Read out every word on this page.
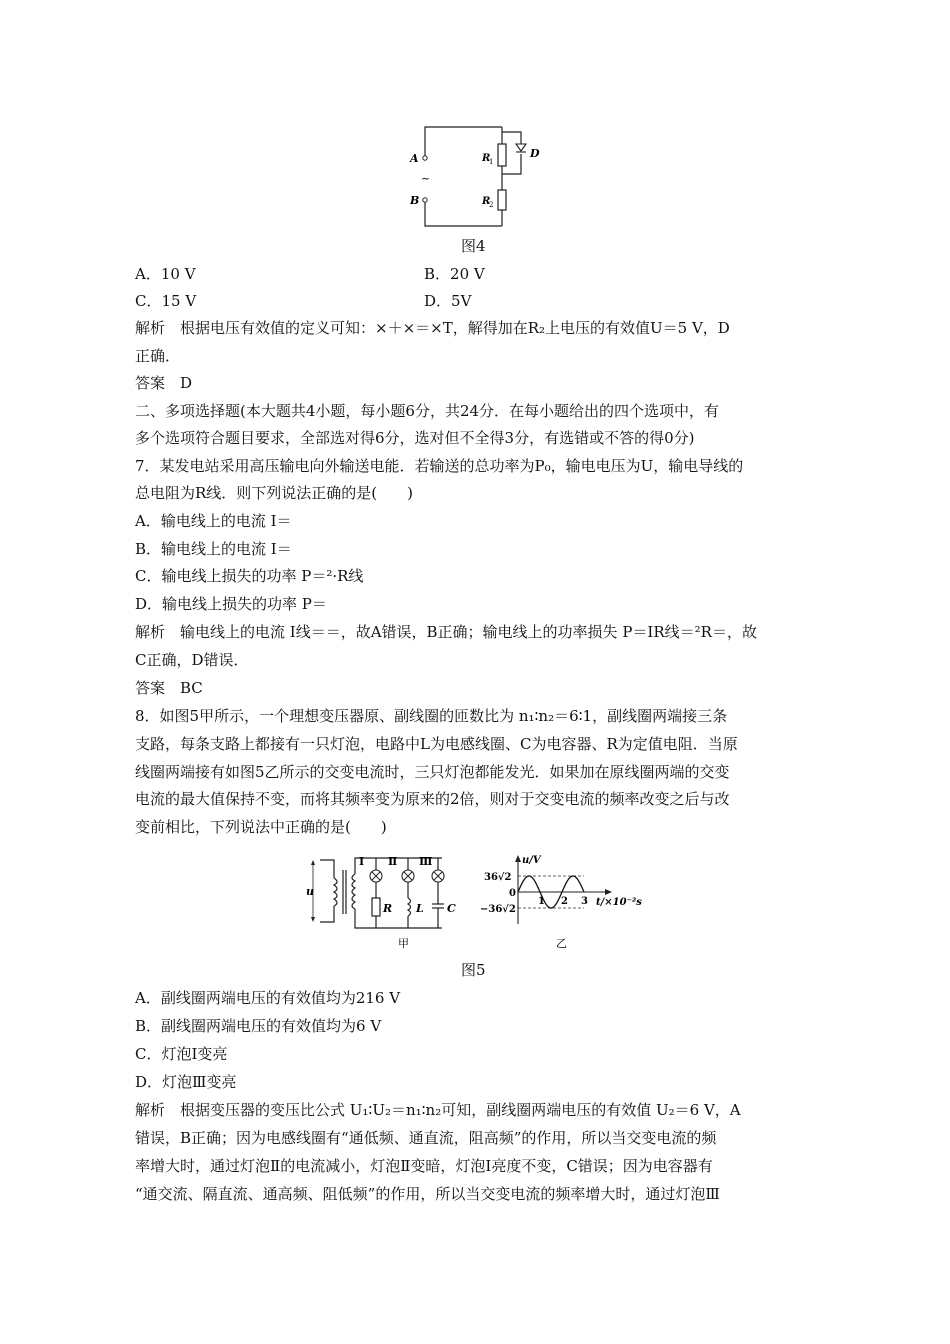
A
~
B
R
1
R
2
D
图4
A．10 V	B．20 V
C．15 V	D．5V
解析　根据电压有效值的定义可知：×＋×＝×T，解得加在R₂上电压的有效值U＝5 V，D
正确．
答案　D
二、多项选择题(本大题共4小题，每小题6分，共24分．在每小题给出的四个选项中，有
多个选项符合题目要求，全部选对得6分，选对但不全得3分，有选错或不答的得0分)
7．某发电站采用高压输电向外输送电能．若输送的总功率为P₀，输电电压为U，输电导线的
总电阻为R线．则下列说法正确的是(　　)
A．输电线上的电流 I＝
B．输电线上的电流 I＝
C．输电线上损失的功率 P＝²·R线
D．输电线上损失的功率 P＝
解析　输电线上的电流 I线＝＝，故A错误，B正确；输电线上的功率损失 P＝IR线＝²R＝，故
C正确，D错误．
答案　BC
8．如图5甲所示，一个理想变压器原、副线圈的匝数比为 n₁∶n₂＝6∶1，副线圈两端接三条
支路，每条支路上都接有一只灯泡，电路中L为电感线圈、C为电容器、R为定值电阻．当原
线圈两端接有如图5乙所示的交变电流时，三只灯泡都能发光．如果加在原线圈两端的交变
电流的最大值保持不变，而将其频率变为原来的2倍，则对于交变电流的频率改变之后与改
变前相比，下列说法中正确的是(　　)
u
Ⅰ Ⅱ Ⅲ
R L C
甲
u/V
36√2
0
−36√2
1 2 3 t/×10⁻²s
乙
图5
A．副线圈两端电压的有效值均为216 V
B．副线圈两端电压的有效值均为6 V
C．灯泡Ⅰ变亮
D．灯泡Ⅲ变亮
解析　根据变压器的变压比公式 U₁∶U₂＝n₁∶n₂可知，副线圈两端电压的有效值 U₂＝6 V，A
错误，B正确；因为电感线圈有“通低频、通直流，阻高频”的作用，所以当交变电流的频
率增大时，通过灯泡Ⅱ的电流减小，灯泡Ⅱ变暗，灯泡Ⅰ亮度不变，C错误；因为电容器有
“通交流、隔直流、通高频、阻低频”的作用，所以当交变电流的频率增大时，通过灯泡Ⅲ
